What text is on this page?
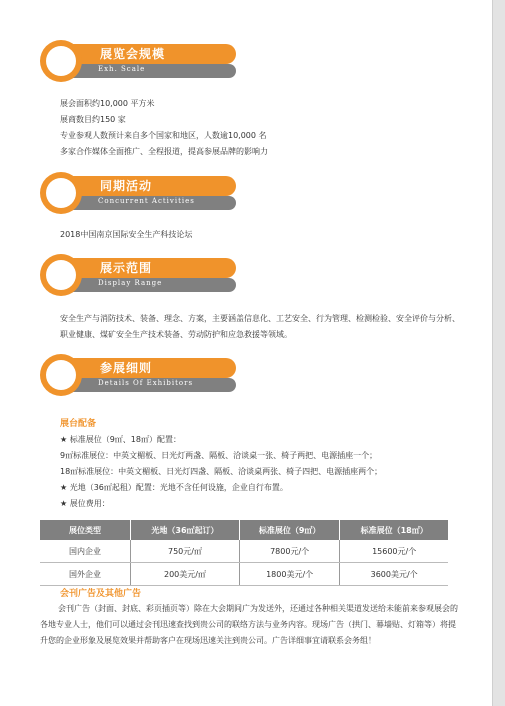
展览会规模
Exh. Scale
展会面积约10,000 平方米
展商数目约150 家
专业参观人数预计来自多个国家和地区，人数逾10,000 名
多家合作媒体全面推广、全程报道，提高参展品牌的影响力
同期活动
Concurrent Activities
2018中国南京国际安全生产科技论坛
展示范围
Display Range
安全生产与消防技术、装备、理念、方案，主要涵盖信息化、工艺安全、行为管理、检测检验、安全评价与分析、职业健康、煤矿安全生产技术装备、劳动防护和应急救援等领域。
参展细则
Details Of Exhibitors
展台配备
★ 标准展位（9㎡、18㎡）配置：
9㎡标准展位：中英文楣板、日光灯两盏、隔板、洽谈桌一张、椅子两把、电源插座一个；
18㎡标准展位：中英文楣板、日光灯四盏、隔板、洽谈桌两张、椅子四把、电源插座两个；
★ 光地（36㎡起租）配置：光地不含任何设施，企业自行布置。
★ 展位费用：
展位类型	光地（36㎡起订）	标准展位（9㎡）	标准展位（18㎡）
国内企业	750元/㎡	7800元/个	15600元/个
国外企业	200美元/㎡	1800美元/个	3600美元/个
会刊广告及其他广告
会刊广告（封面、封底、彩页插页等）除在大会期间广为发送外，还通过各种相关渠道发送给未能前来参观展会的各地专业人士，他们可以通过会刊迅速查找到贵公司的联络方法与业务内容。现场广告（拱门、幕墙贴、灯箱等）将提升您的企业形象及展览效果并帮助客户在现场迅速关注到贵公司。广告详细事宜请联系会务组！
